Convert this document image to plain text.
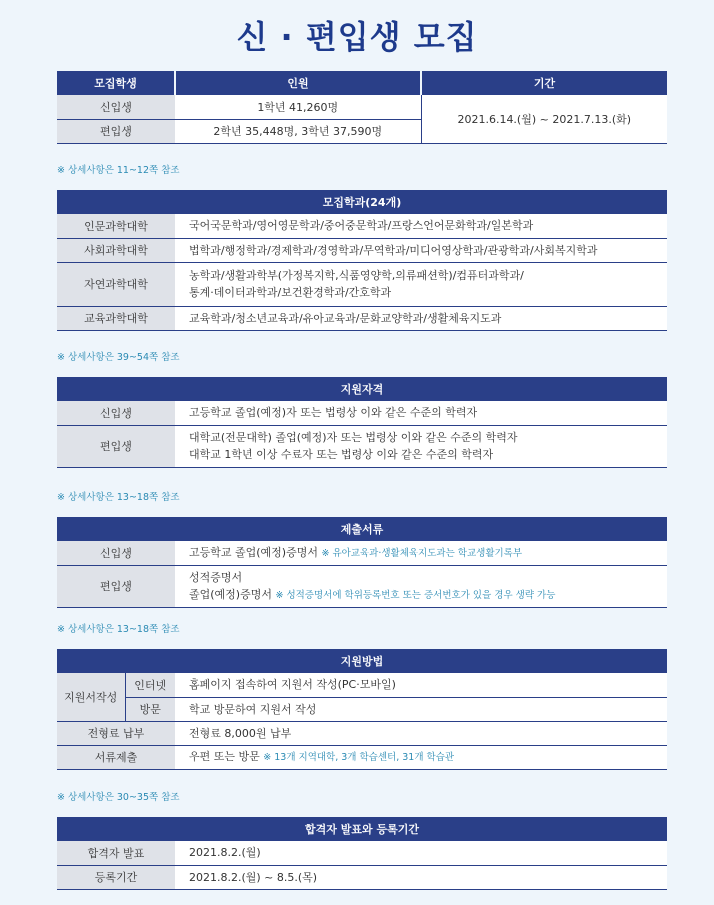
신 · 편입생 모집
모집학생	인원	기간
신입생	1학년 41,260명	2021.6.14.(월) ~ 2021.7.13.(화)
편입생	2학년 35,448명, 3학년 37,590명	
※ 상세사항은 11~12쪽 참조
모집학과(24개)	
인문과학대학	국어국문학과/영어영문학과/중어중문학과/프랑스언어문화학과/일본학과
사회과학대학	법학과/행정학과/경제학과/경영학과/무역학과/미디어영상학과/관광학과/사회복지학과
자연과학대학	농학과/생활과학부(가정복지학,식품영양학,의류패션학)/컴퓨터과학과/
통계·데이터과학과/보건환경학과/간호학과

교육과학대학	교육학과/청소년교육과/유아교육과/문화교양학과/생활체육지도과
※ 상세사항은 39~54쪽 참조
지원자격	
신입생	고등학교 졸업(예정)자 또는 법령상 이와 같은 수준의 학력자
편입생	대학교(전문대학) 졸업(예정)자 또는 법령상 이와 같은 수준의 학력자
대학교 1학년 이상 수료자 또는 법령상 이와 같은 수준의 학력자
※ 상세사항은 13~18쪽 참조
제출서류	
신입생	고등학교 졸업(예정)증명서 ※ 유아교육과·생활체육지도과는 학교생활기록부
편입생	성적증명서
졸업(예정)증명서 ※ 성적증명서에 학위등록번호 또는 증서번호가 있을 경우 생략 가능
※ 상세사항은 13~18쪽 참조
지원방법		
지원서작성	인터넷	홈페이지 접속하여 지원서 작성(PC·모바일)
	방문	학교 방문하여 지원서 작성
전형료 납부		전형료 8,000원 납부
서류제출		우편 또는 방문 ※ 13개 지역대학, 3개 학습센터, 31개 학습관
※ 상세사항은 30~35쪽 참조
합격자 발표와 등록기간	
합격자 발표	2021.8.2.(월)
등록기간	2021.8.2.(월) ~ 8.5.(목)
